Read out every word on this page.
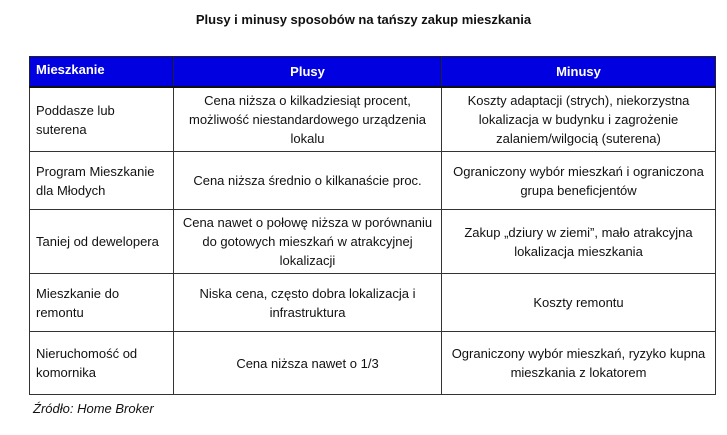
Plusy i minusy sposobów na tańszy zakup mieszkania
Mieszkanie	Plusy	Minusy
Poddasze lub suterena	Cena niższa o kilkadziesiąt procent, możliwość niestandardowego urządzenia lokalu	Koszty adaptacji (strych), niekorzystna lokalizacja w budynku i zagrożenie zalaniem/wilgocią (suterena)
Program Mieszkanie dla Młodych	Cena niższa średnio o kilkanaście proc.	Ograniczony wybór mieszkań i ograniczona grupa beneficjentów
Taniej od dewelopera	Cena nawet o połowę niższa w porównaniu do gotowych mieszkań w atrakcyjnej lokalizacji	Zakup „dziury w ziemi”, mało atrakcyjna lokalizacja mieszkania
Mieszkanie do remontu	Niska cena, często dobra lokalizacja i infrastruktura	Koszty remontu
Nieruchomość od komornika	Cena niższa nawet o 1/3	Ograniczony wybór mieszkań, ryzyko kupna mieszkania z lokatorem
Źródło: Home Broker
